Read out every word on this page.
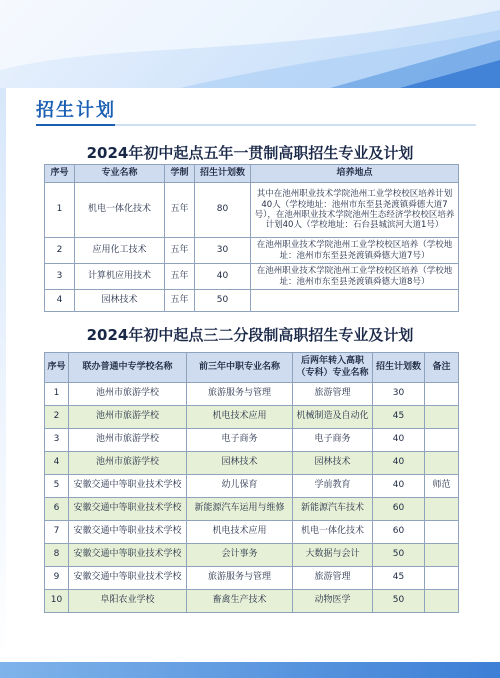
招生计划
2024年初中起点五年一贯制高职招生专业及计划
序号	专业名称	学制	招生计划数	培养地点
1	机电一体化技术	五年	80	其中在池州职业技术学院池州工业学校校区培养计划40人（学校地址：池州市东至县尧渡镇舜德大道7号），在池州职业技术学院池州生态经济学校校区培养计划40人（学校地址：石台县城滨河大道1号）
2	应用化工技术	五年	30	在池州职业技术学院池州工业学校校区培养（学校地址：池州市东至县尧渡镇舜德大道7号）
3	计算机应用技术	五年	40	在池州职业技术学院池州工业学校校区培养（学校地址：池州市东至县尧渡镇舜德大道8号）
4	园林技术	五年	50	
2024年初中起点三二分段制高职招生专业及计划
序号	联办普通中专学校名称	前三年中职专业名称	后两年转入高职（专科）专业名称	招生计划数	备注
1	池州市旅游学校	旅游服务与管理	旅游管理	30	
2	池州市旅游学校	机电技术应用	机械制造及自动化	45	
3	池州市旅游学校	电子商务	电子商务	40	
4	池州市旅游学校	园林技术	园林技术	40	
5	安徽交通中等职业技术学校	幼儿保育	学前教育	40	师范
6	安徽交通中等职业技术学校	新能源汽车运用与维修	新能源汽车技术	60	
7	安徽交通中等职业技术学校	机电技术应用	机电一体化技术	60	
8	安徽交通中等职业技术学校	会计事务	大数据与会计	50	
9	安徽交通中等职业技术学校	旅游服务与管理	旅游管理	45	
10	阜阳农业学校	畜禽生产技术	动物医学	50	
